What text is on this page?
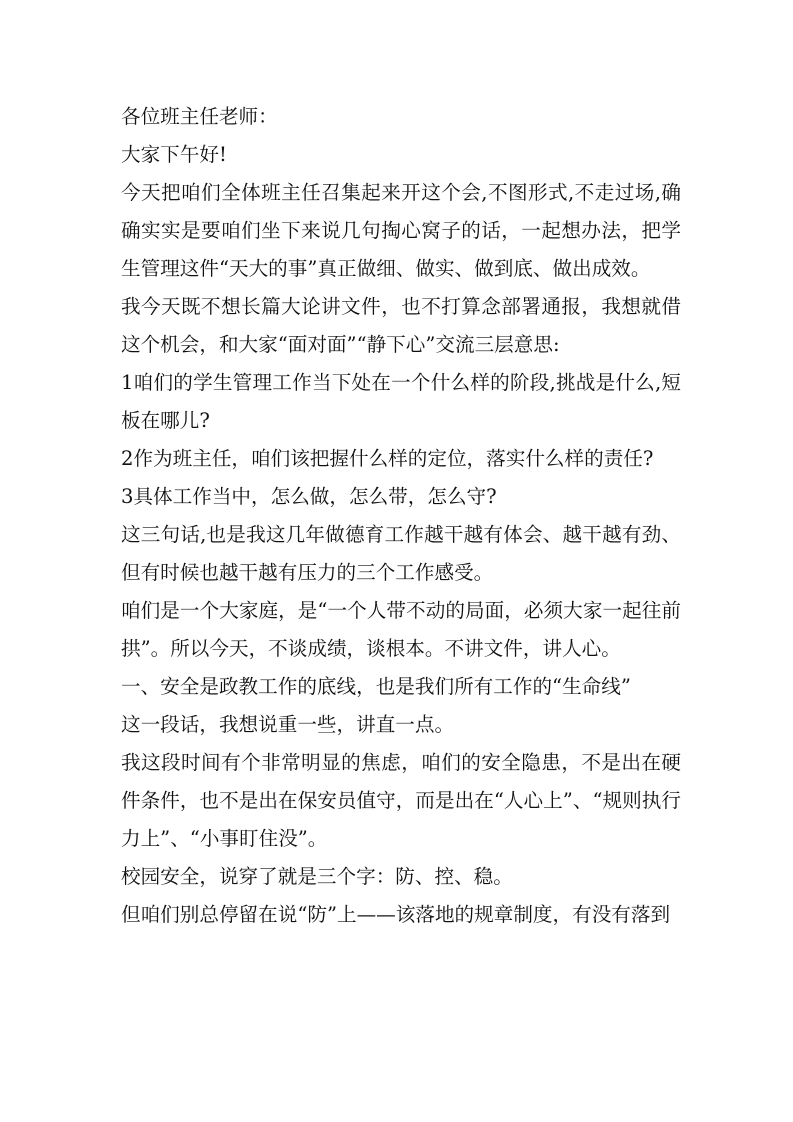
各位班主任老师：

大家下午好!

今天把咱们全体班主任召集起来开这个会,不图形式,不走过场,确确实实是要咱们坐下来说几句掏心窝子的话，一起想办法，把学生管理这件“天大的事”真正做细、做实、做到底、做出成效。

我今天既不想长篇大论讲文件，也不打算念部署通报，我想就借这个机会，和大家“面对面”“静下心”交流三层意思:

1咱们的学生管理工作当下处在一个什么样的阶段,挑战是什么,短板在哪儿?

2作为班主任，咱们该把握什么样的定位，落实什么样的责任?

3具体工作当中，怎么做，怎么带，怎么守?

这三句话,也是我这几年做德育工作越干越有体会、越干越有劲、但有时候也越干越有压力的三个工作感受。

咱们是一个大家庭，是“一个人带不动的局面，必须大家一起往前拱”。所以今天，不谈成绩，谈根本。不讲文件，讲人心。

一、安全是政教工作的底线，也是我们所有工作的“生命线”

这一段话，我想说重一些，讲直一点。

我这段时间有个非常明显的焦虑，咱们的安全隐患，不是出在硬件条件，也不是出在保安员值守，而是出在“人心上”、“规则执行力上”、“小事盯住没”。

校园安全，说穿了就是三个字：防、控、稳。

但咱们别总停留在说“防”上——该落地的规章制度，有没有落到
